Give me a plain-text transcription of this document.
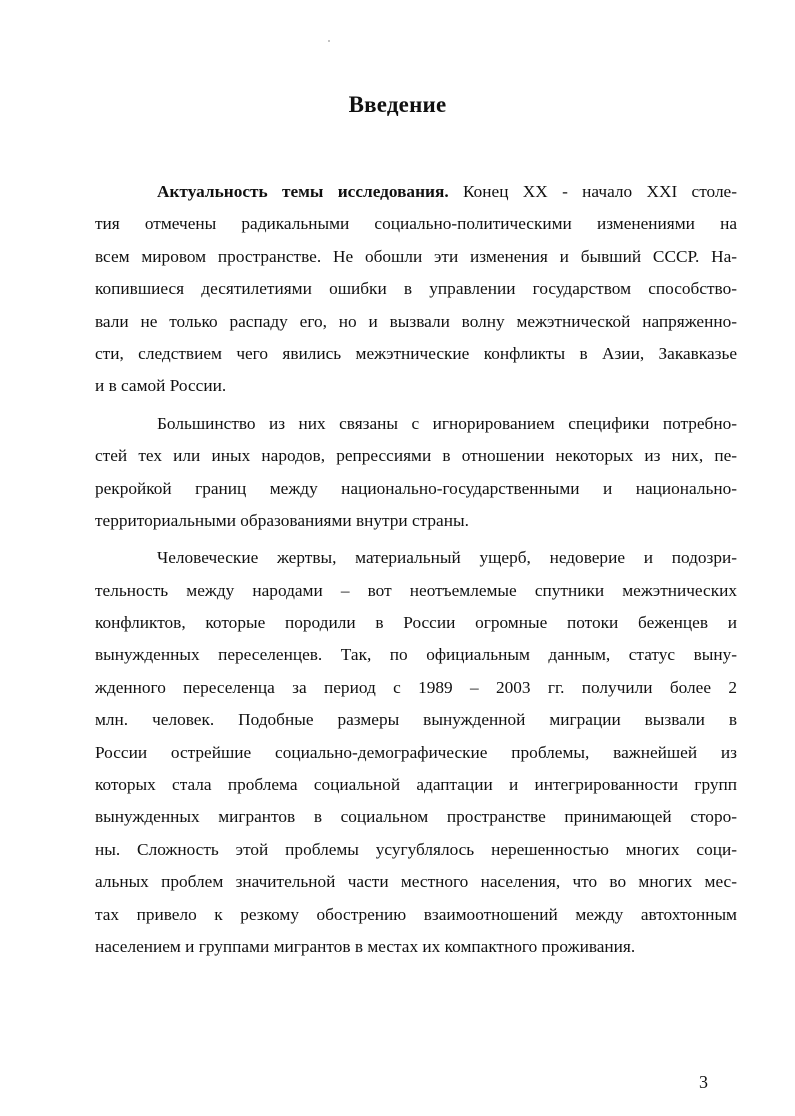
Введение
Актуальность темы исследования. Конец XX - начало XXI столе-
тия отмечены радикальными социально-политическими изменениями на
всем мировом пространстве. Не обошли эти изменения и бывший СССР. На-
копившиеся десятилетиями ошибки в управлении государством способство-
вали не только распаду его, но и вызвали волну межэтнической напряженно-
сти, следствием чего явились межэтнические конфликты в Азии, Закавказье
и в самой России.
Большинство из них связаны с игнорированием специфики потребно-
стей тех или иных народов, репрессиями в отношении некоторых из них, пе-
рекройкой границ между национально-государственными и национально-
территориальными образованиями внутри страны.
Человеческие жертвы, материальный ущерб, недоверие и подозри-
тельность между народами – вот неотъемлемые спутники межэтнических
конфликтов, которые породили в России огромные потоки беженцев и
вынужденных переселенцев. Так, по официальным данным, статус выну-
жденного переселенца за период с 1989 – 2003 гг. получили более 2
млн. человек. Подобные размеры вынужденной миграции вызвали в
России острейшие социально-демографические проблемы, важнейшей из
которых стала проблема социальной адаптации и интегрированности групп
вынужденных мигрантов в социальном пространстве принимающей сторо-
ны. Сложность этой проблемы усугублялось нерешенностью многих соци-
альных проблем значительной части местного населения, что во многих мес-
тах привело к резкому обострению взаимоотношений между автохтонным
населением и группами мигрантов в местах их компактного проживания.
3
